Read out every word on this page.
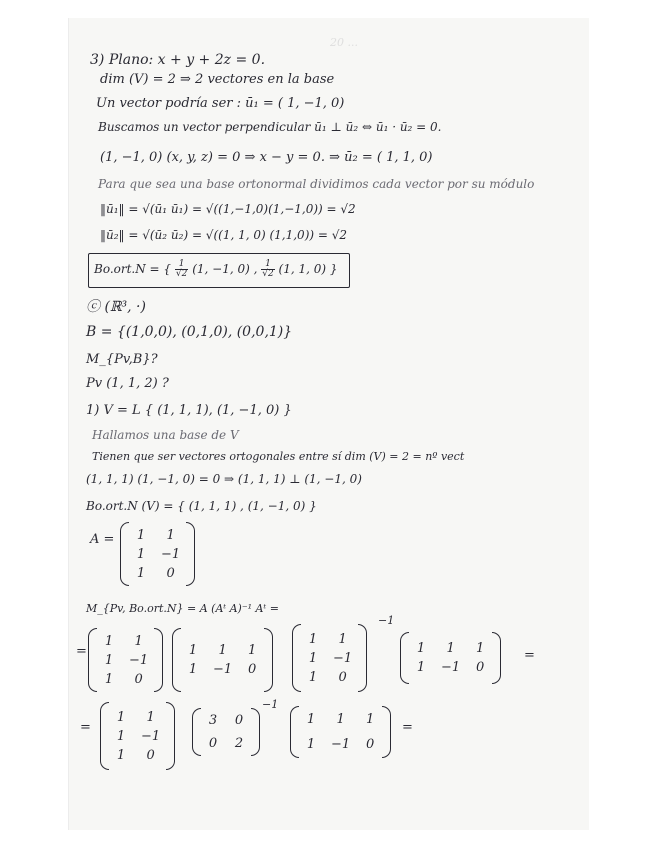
20 ...
3) Plano: x + y + 2z = 0.
dim (V) = 2 ⇒ 2 vectores en la base
Un vector podría ser : ū₁ = ( 1, −1, 0)
Buscamos un vector perpendicular ū₁ ⊥ ū₂ ⇔ ū₁ · ū₂ = 0.
(1, −1, 0) (x, y, z) = 0 ⇒ x − y = 0. ⇒ ū₂ = ( 1, 1, 0)
Para que sea una base ortonormal dividimos cada vector por su módulo
‖ū₁‖ = √(ū₁ ū₁) = √((1,−1,0)(1,−1,0)) = √2
‖ū₂‖ = √(ū₂ ū₂) = √((1, 1, 0) (1,1,0)) = √2
Bo.ort.N = { $\frac{1}{√2} (1$, −1, 0) , $\frac{1}{√2} (1$, 1, 0) }
ⓒ (ℝ³, ·)
B = {(1,0,0), (0,1,0), (0,0,1)}
M_{Pv,B}?
Pv (1, 1, 2) ?
1) V = L { (1, 1, 1), (1, −1, 0) }
Hallamos una base de V
Tienen que ser vectores ortogonales entre sí dim (V) = 2 = nº vect
(1, 1, 1) (1, −1, 0) = 0 ⇒ (1, 1, 1) ⊥ (1, −1, 0)
Bo.ort.N (V) = { (1, 1, 1) , (1, −1, 0) }
A = 1	1
1 −1
1	0
M_{Pv, Bo.ort.N} = A (Aᵗ A)⁻¹ Aᵗ =
=
1	1
1 −1
1	0
1	1	1
1 −1 0
1	1
1 −1
1	0
−1
1	1	1
1 −1 0
=
=
1	1
1 −1
1	0
3 0
0 2
−1
1	1	1
1 −1 0
=
